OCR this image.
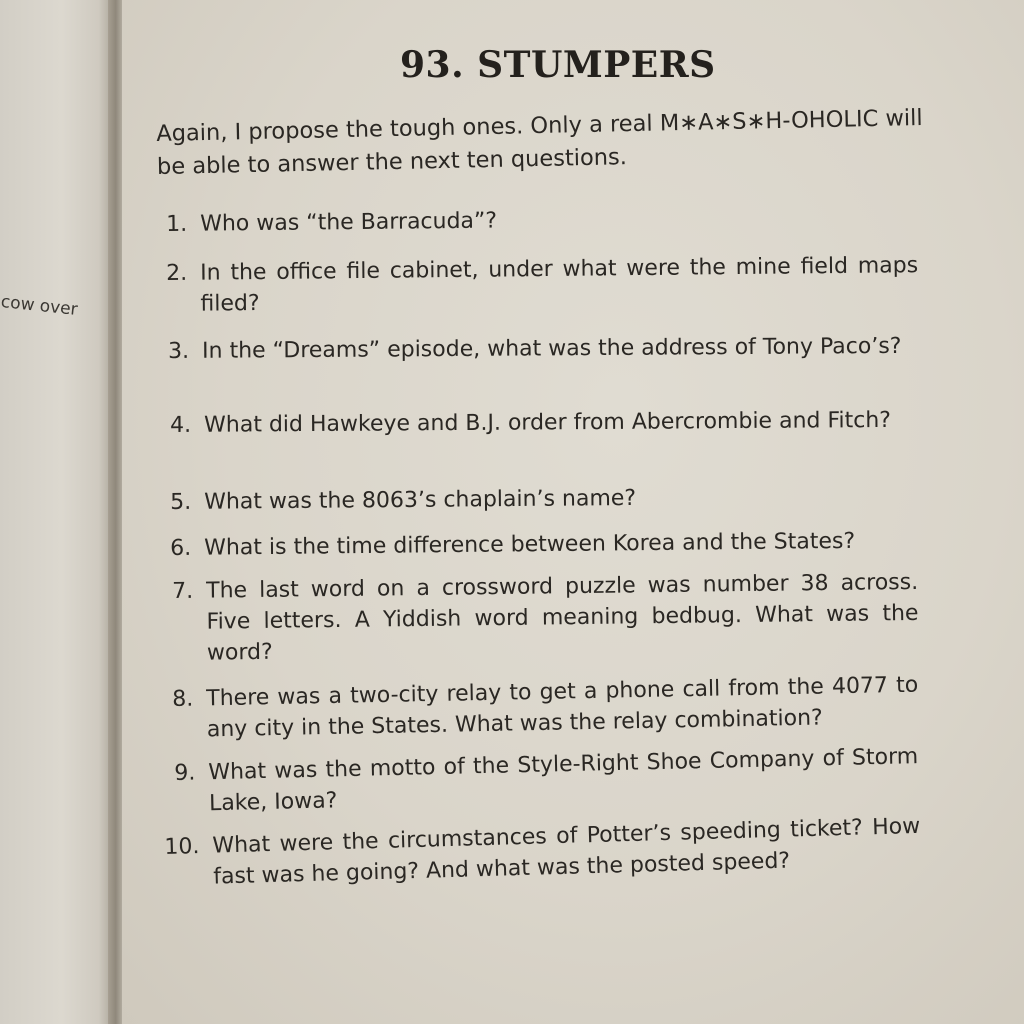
cow over
93. STUMPERS
Again, I propose the tough ones. Only a real M∗A∗S∗H-OHOLIC will be able to answer the next ten questions.
1. Who was “the Barracuda”?
2. In the office file cabinet, under what were the mine field maps filed?
3. In the “Dreams” episode, what was the address of Tony Paco’s?
4. What did Hawkeye and B.J. order from Abercrombie and Fitch?
5. What was the 8063’s chaplain’s name?
6. What is the time difference between Korea and the States?
7. The last word on a crossword puzzle was number 38 across. Five letters. A Yiddish word meaning bedbug. What was the word?
8. There was a two-city relay to get a phone call from the 4077 to any city in the States. What was the relay combination?
9. What was the motto of the Style-Right Shoe Company of Storm Lake, Iowa?
10. What were the circumstances of Potter’s speeding ticket? How fast was he going? And what was the posted speed?
